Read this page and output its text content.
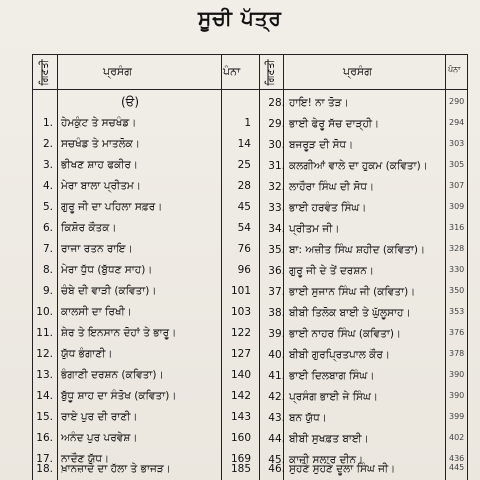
ਸੂਚੀ ਪੱਤ੍ਰ
ਗਿਣਤੀ	ਪ੍ਰਸੰਗ	ਪੰਨਾ	ਗਿਣਤੀ	ਪ੍ਰਸੰਗ	ਪੰਨਾ
(ੳ)
1. ਹੇਮਕੁੰਟ ਤੇ ਸਚਖੰਡ।	1
2. ਸਚਖੰਡ ਤੇ ਮਾਤਲੋਕ।	14
3. ਭੀਖਣ ਸ਼ਾਹ ਫਕੀਰ।	25
4. ਮੇਰਾ ਬਾਲਾ ਪ੍ਰੀਤਮ।	28
5. ਗੁਰੂ ਜੀ ਦਾ ਪਹਿਲਾ ਸਫ਼ਰ।	45
6. ਕਿਸ਼ੋਰ ਕੌਤਕ।	54
7. ਰਾਜਾ ਰਤਨ ਰਾਇ।	76
8. ਮੇਰਾ ਧੁੱਧ (ਬੁੱਧਣ ਸਾਹ)।	96
9. ਚੰਬੇ ਦੀ ਵਾੜੀ (ਕਵਿਤਾ)।	101
10. ਕਾਲਸੀ ਦਾ ਰਿਖੀ।	103
11. ਸ਼ੇਰ ਤੇ ਇਨਸਾਨ ਦੋਹਾਂ ਤੇ ਭਾਰੂ।	122
12. ਯੁੱਧ ਭੰਗਾਣੀ।	127
13. ਭੰਗਾਣੀ ਦਰਸ਼ਨ (ਕਵਿਤਾ)।	140
14. ਬੁੱਧੂ ਸ਼ਾਹ ਦਾ ਸੰਤੋਖ (ਕਵਿਤਾ)।	142
15. ਰਾਏ ਪੁਰ ਦੀ ਰਾਣੀ।	143
16. ਅਨੰਦ ਪੁਰ ਪਰਵੇਸ਼।	160
17. ਨਾਦੌਣ ਯੁੱਧ।	169
18. ਖ਼ਾਨਜ਼ਾਦੇ ਦਾ ਹੱਲਾ ਤੇ ਭਾਜੜ।	185
28. ਹਾਇ! ਨਾ ਤੋੜ।	290
29. ਭਾਈ ਫੇਰੂ ਸੱਚ ਦਾੜ੍ਹੀ।	294
30. ਬਜਰੂੜ ਦੀ ਸੋਧ।	303
31. ਕਲਗੀਆਂ ਵਾਲੇ ਦਾ ਹੁਕਮ (ਕਵਿਤਾ)।	305
32. ਲਾਹੌਰਾ ਸਿੰਘ ਦੀ ਸੋਧ।	307
33. ਭਾਈ ਹਰਵੰਤ ਸਿੰਘ।	309
34. ਪ੍ਰੀਤਮ ਜੀ।	316
35. ਬਾ: ਅਜ਼ੀਤ ਸਿੰਘ ਸ਼ਹੀਦ (ਕਵਿਤਾ)।	328
36. ਗੁਰੂ ਜੀ ਦੇ ਤੇਂ ਦਰਸ਼ਨ।	330
37. ਭਾਈ ਸੁਜਾਨ ਸਿੰਘ ਜੀ (ਕਵਿਤਾ)।	350
38. ਬੀਬੀ ਤਿਲੋਕ ਬਾਈ ਤੇ ਘੁੱਲੂਸਾਹ।	353
39. ਭਾਈ ਨਾਹਰ ਸਿੰਘ (ਕਵਿਤਾ)।	376
40. ਬੀਬੀ ਗੁਰਪ੍ਰਿਤਪਾਲ ਕੌਰ।	378
41. ਭਾਈ ਦਿਲਬਾਗ ਸਿੰਘ।	390
42. ਪ੍ਰਸੰਗ ਭਾਈ ਜੇ ਸਿੰਘ।	390
43. ਬਨ ਯੁੱਧ।	399
44. ਬੀਬੀ ਸੁਖਫ਼ਤ ਬਾਈ।	402
45. ਕਾਜ਼ੀ ਸਲਾਰ ਦੀਨ।	436
46. ਸੁਹਣੇ ਸੁਹਣੇ ਦੂਲਾ ਸਿੰਘ ਜੀ।	445
